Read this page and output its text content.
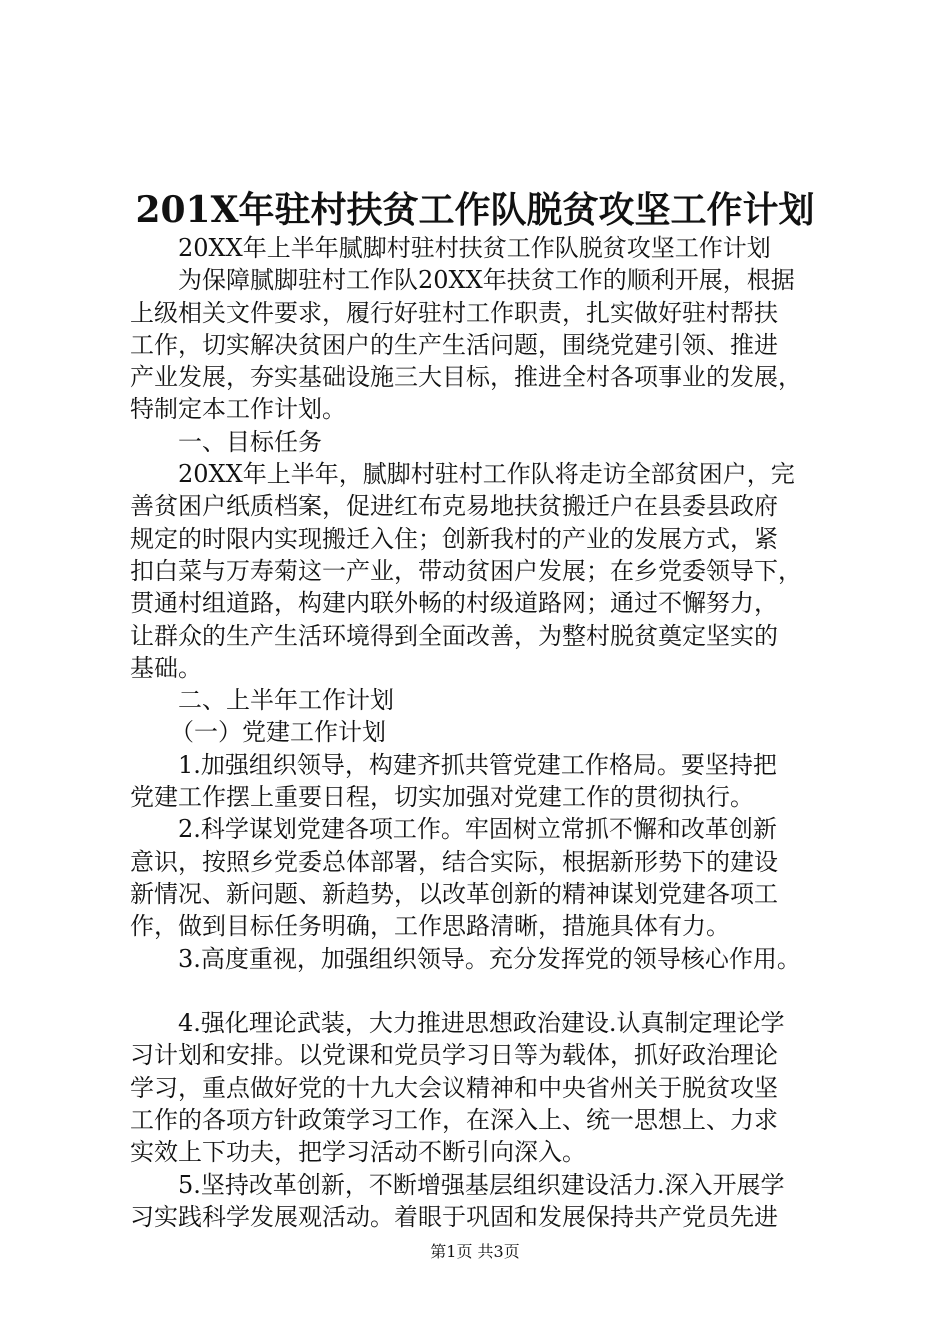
201X年驻村扶贫工作队脱贫攻坚工作计划
20XX年上半年腻脚村驻村扶贫工作队脱贫攻坚工作计划
为保障腻脚驻村工作队20XX年扶贫工作的顺利开展，根据
上级相关文件要求，履行好驻村工作职责，扎实做好驻村帮扶
工作，切实解决贫困户的生产生活问题，围绕党建引领、推进
产业发展，夯实基础设施三大目标，推进全村各项事业的发展，
特制定本工作计划。
一、目标任务
20XX年上半年，腻脚村驻村工作队将走访全部贫困户，完
善贫困户纸质档案，促进红布克易地扶贫搬迁户在县委县政府
规定的时限内实现搬迁入住；创新我村的产业的发展方式，紧
扣白菜与万寿菊这一产业，带动贫困户发展；在乡党委领导下，
贯通村组道路，构建内联外畅的村级道路网；通过不懈努力，
让群众的生产生活环境得到全面改善，为整村脱贫奠定坚实的
基础。
二、上半年工作计划
（一）党建工作计划
1.加强组织领导，构建齐抓共管党建工作格局。要坚持把
党建工作摆上重要日程，切实加强对党建工作的贯彻执行。
2.科学谋划党建各项工作。牢固树立常抓不懈和改革创新
意识，按照乡党委总体部署，结合实际，根据新形势下的建设
新情况、新问题、新趋势，以改革创新的精神谋划党建各项工
作，做到目标任务明确，工作思路清晰，措施具体有力。
3.高度重视，加强组织领导。充分发挥党的领导核心作用。
4.强化理论武装，大力推进思想政治建设.认真制定理论学
习计划和安排。以党课和党员学习日等为载体，抓好政治理论
学习，重点做好党的十九大会议精神和中央省州关于脱贫攻坚
工作的各项方针政策学习工作，在深入上、统一思想上、力求
实效上下功夫，把学习活动不断引向深入。
5.坚持改革创新，不断增强基层组织建设活力.深入开展学
习实践科学发展观活动。着眼于巩固和发展保持共产党员先进
第1页 共3页
